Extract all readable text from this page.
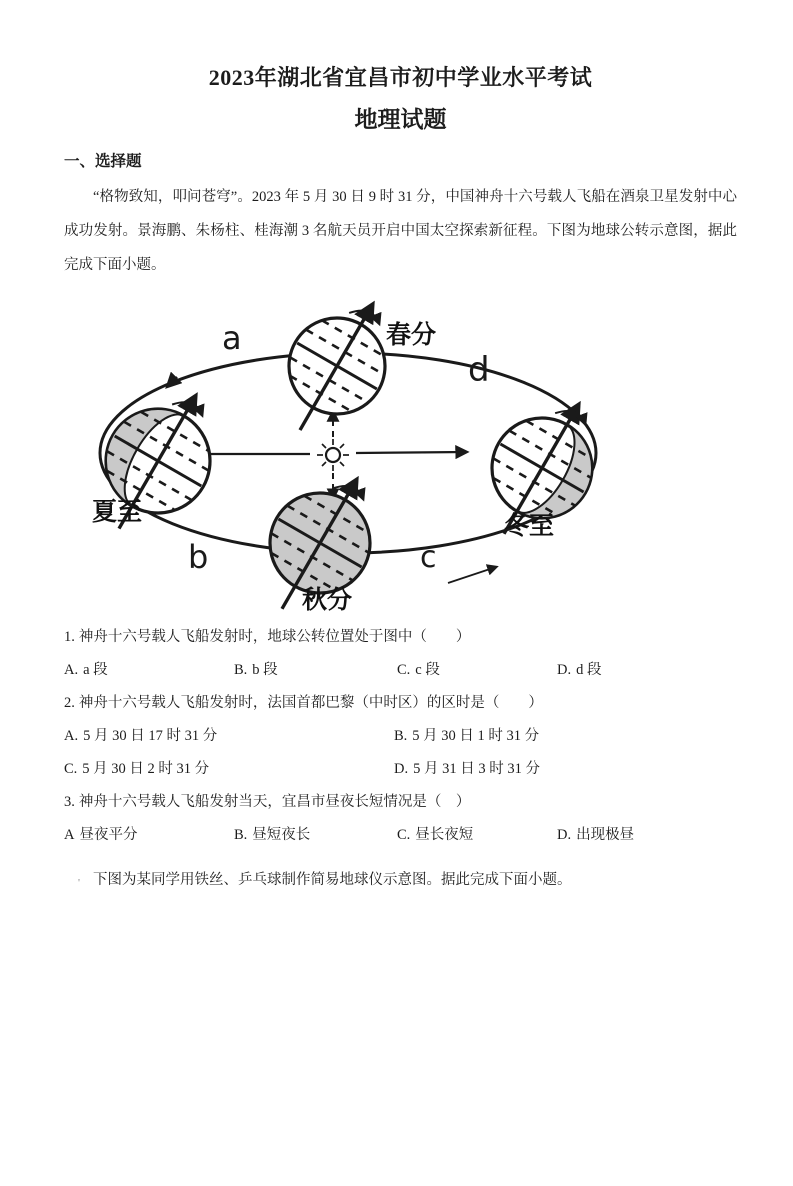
2023年湖北省宜昌市初中学业水平考试
地理试题
一、选择题

“格物致知，叩问苍穹”。2023 年 5 月 30 日 9 时 31 分，中国神舟十六号载人飞船在酒泉卫星发射中心成功发射。景海鹏、朱杨柱、桂海潮 3 名航天员开启中国太空探索新征程。下图为地球公转示意图，据此完成下面小题。

a
b	c
d
春分
夏至	冬至
秋分
1. 神舟十六号载人飞船发射时，地球公转位置处于图中（　　）
A. a 段	B. b 段	C. c 段	D. d 段
2. 神舟十六号载人飞船发射时，法国首都巴黎（中时区）的区时是（　　）
A. 5 月 30 日 17 时 31 分	B. 5 月 30 日 1 时 31 分
C. 5 月 30 日 2 时 31 分	D. 5 月 31 日 3 时 31 分
3. 神舟十六号载人飞船发射当天，宜昌市昼夜长短情况是（　）
A 昼夜平分	B. 昼短夜长	C. 昼长夜短	D. 出现极昼
' 下图为某同学用铁丝、乒乓球制作简易地球仪示意图。据此完成下面小题。
